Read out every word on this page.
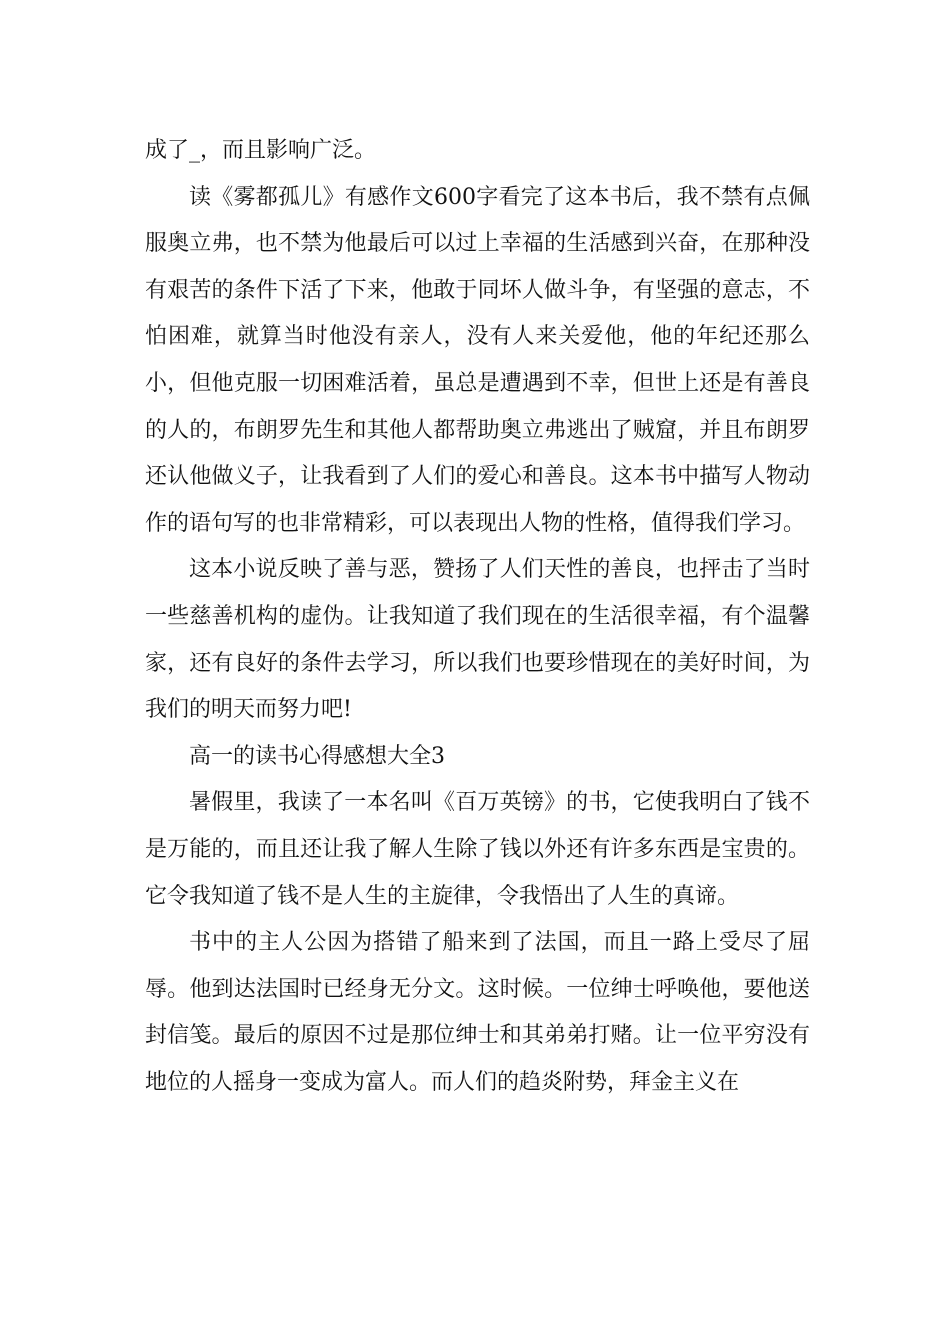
成了_，而且影响广泛。

读《雾都孤儿》有感作文600字看完了这本书后，我不禁有点佩服奥立弗，也不禁为他最后可以过上幸福的生活感到兴奋，在那种没有艰苦的条件下活了下来，他敢于同坏人做斗争，有坚强的意志，不怕困难，就算当时他没有亲人，没有人来关爱他，他的年纪还那么小，但他克服一切困难活着，虽总是遭遇到不幸，但世上还是有善良的人的，布朗罗先生和其他人都帮助奥立弗逃出了贼窟，并且布朗罗还认他做义子，让我看到了人们的爱心和善良。这本书中描写人物动作的语句写的也非常精彩，可以表现出人物的性格，值得我们学习。

这本小说反映了善与恶，赞扬了人们天性的善良，也抨击了当时一些慈善机构的虚伪。让我知道了我们现在的生活很幸福，有个温馨家，还有良好的条件去学习，所以我们也要珍惜现在的美好时间，为我们的明天而努力吧!

高一的读书心得感想大全3

暑假里，我读了一本名叫《百万英镑》的书，它使我明白了钱不是万能的，而且还让我了解人生除了钱以外还有许多东西是宝贵的。它令我知道了钱不是人生的主旋律，令我悟出了人生的真谛。

书中的主人公因为搭错了船来到了法国，而且一路上受尽了屈辱。他到达法国时已经身无分文。这时候。一位绅士呼唤他，要他送封信笺。最后的原因不过是那位绅士和其弟弟打赌。让一位平穷没有地位的人摇身一变成为富人。而人们的趋炎附势，拜金主义在
